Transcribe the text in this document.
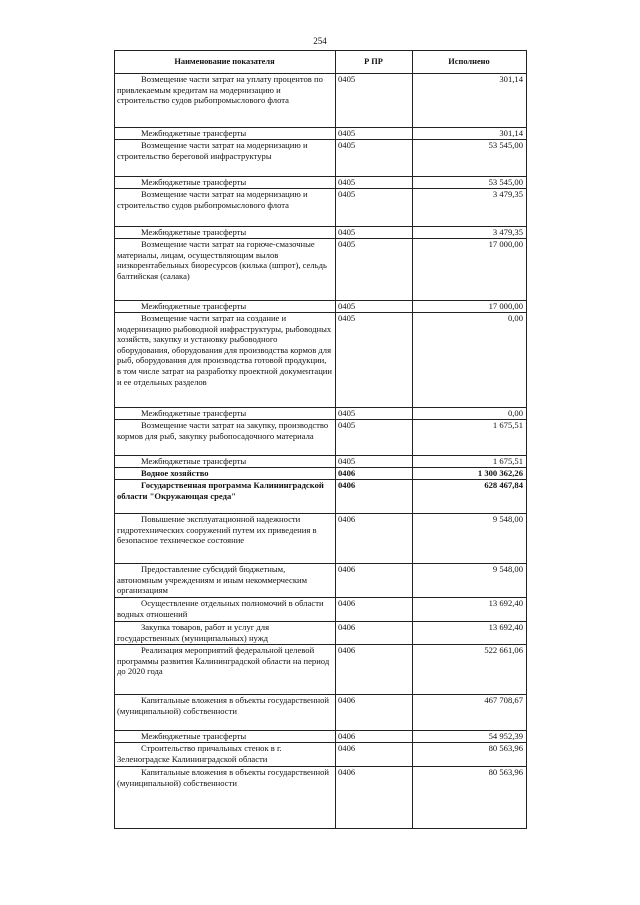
254
Наименование показателя	Р ПР	Исполнено
Возмещение части затрат на уплату процентов по привлекаемым кредитам на модернизацию и строительство судов рыбопромыслового флота	0405	301,14
Межбюджетные трансферты	0405	301,14
Возмещение части затрат на модернизацию и строительство береговой инфраструктуры	0405	53 545,00
Межбюджетные трансферты	0405	53 545,00
Возмещение части затрат на модернизацию и строительство судов рыбопромыслового флота	0405	3 479,35
Межбюджетные трансферты	0405	3 479,35
Возмещение части затрат на горюче-смазочные материалы, лицам, осуществляющим вылов низкорентабельных биоресурсов (килька (шпрот), сельдь балтийская (салака)	0405	17 000,00
Межбюджетные трансферты	0405	17 000,00
Возмещение части затрат на создание и модернизацию рыбоводной инфраструктуры, рыбоводных хозяйств, закупку и установку рыбоводного оборудования, оборудования для производства кормов для рыб, оборудования для производства готовой продукции, в том числе затрат на разработку проектной документации и ее отдельных разделов	0405	0,00
Межбюджетные трансферты	0405	0,00
Возмещение части затрат на закупку, производство кормов для рыб, закупку рыбопосадочного материала	0405	1 675,51
Межбюджетные трансферты	0405	1 675,51
Водное хозяйство	0406	1 300 362,26
Государственная программа Калининградской области "Окружающая среда"	0406	628 467,84
Повышение эксплуатационной надежности гидротехнических сооружений путем их приведения в безопасное техническое состояние	0406	9 548,00
Предоставление субсидий бюджетным, автономным учреждениям и иным некоммерческим организациям	0406	9 548,00
Осуществление отдельных полномочий в области водных отношений	0406	13 692,40
Закупка товаров, работ и услуг для государственных (муниципальных) нужд	0406	13 692,40
Реализация мероприятий федеральной целевой программы развития Калининградской области на период до 2020 года	0406	522 661,06
Капитальные вложения в объекты государственной (муниципальной) собственности	0406	467 708,67
Межбюджетные трансферты	0406	54 952,39
Строительство причальных стенок в г. Зеленоградске Калининградской области	0406	80 563,96
Капитальные вложения в объекты государственной (муниципальной) собственности	0406	80 563,96
